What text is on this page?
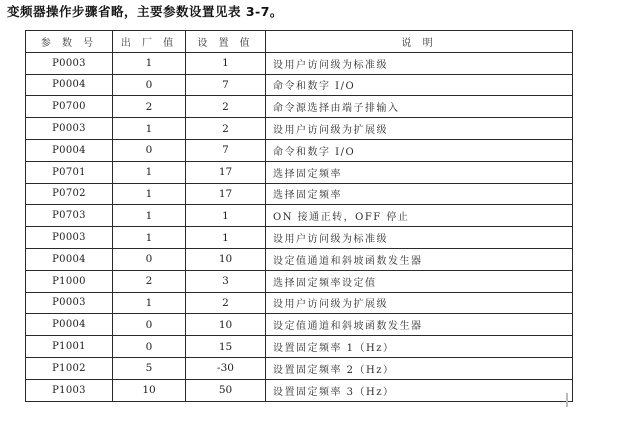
变频器操作步骤省略，主要参数设置见表 3-7。
参 数 号	出 厂 值	设 置 值	说 明
P0003	1	1	设用户访问级为标准级
P0004	0	7	命令和数字 I/O
P0700	2	2	命令源选择由端子排输入
P0003	1	2	设用户访问级为扩展级
P0004	0	7	命令和数字 I/O
P0701	1	17	选择固定频率
P0702	1	17	选择固定频率
P0703	1	1	ON 接通正转，OFF 停止
P0003	1	1	设用户访问级为标准级
P0004	0	10	设定值通道和斜坡函数发生器
P1000	2	3	选择固定频率设定值
P0003	1	2	设用户访问级为扩展级
P0004	0	10	设定值通道和斜坡函数发生器
P1001	0	15	设置固定频率 1（Hz）
P1002	5	-30	设置固定频率 2（Hz）
P1003	10	50	设置固定频率 3（Hz）
